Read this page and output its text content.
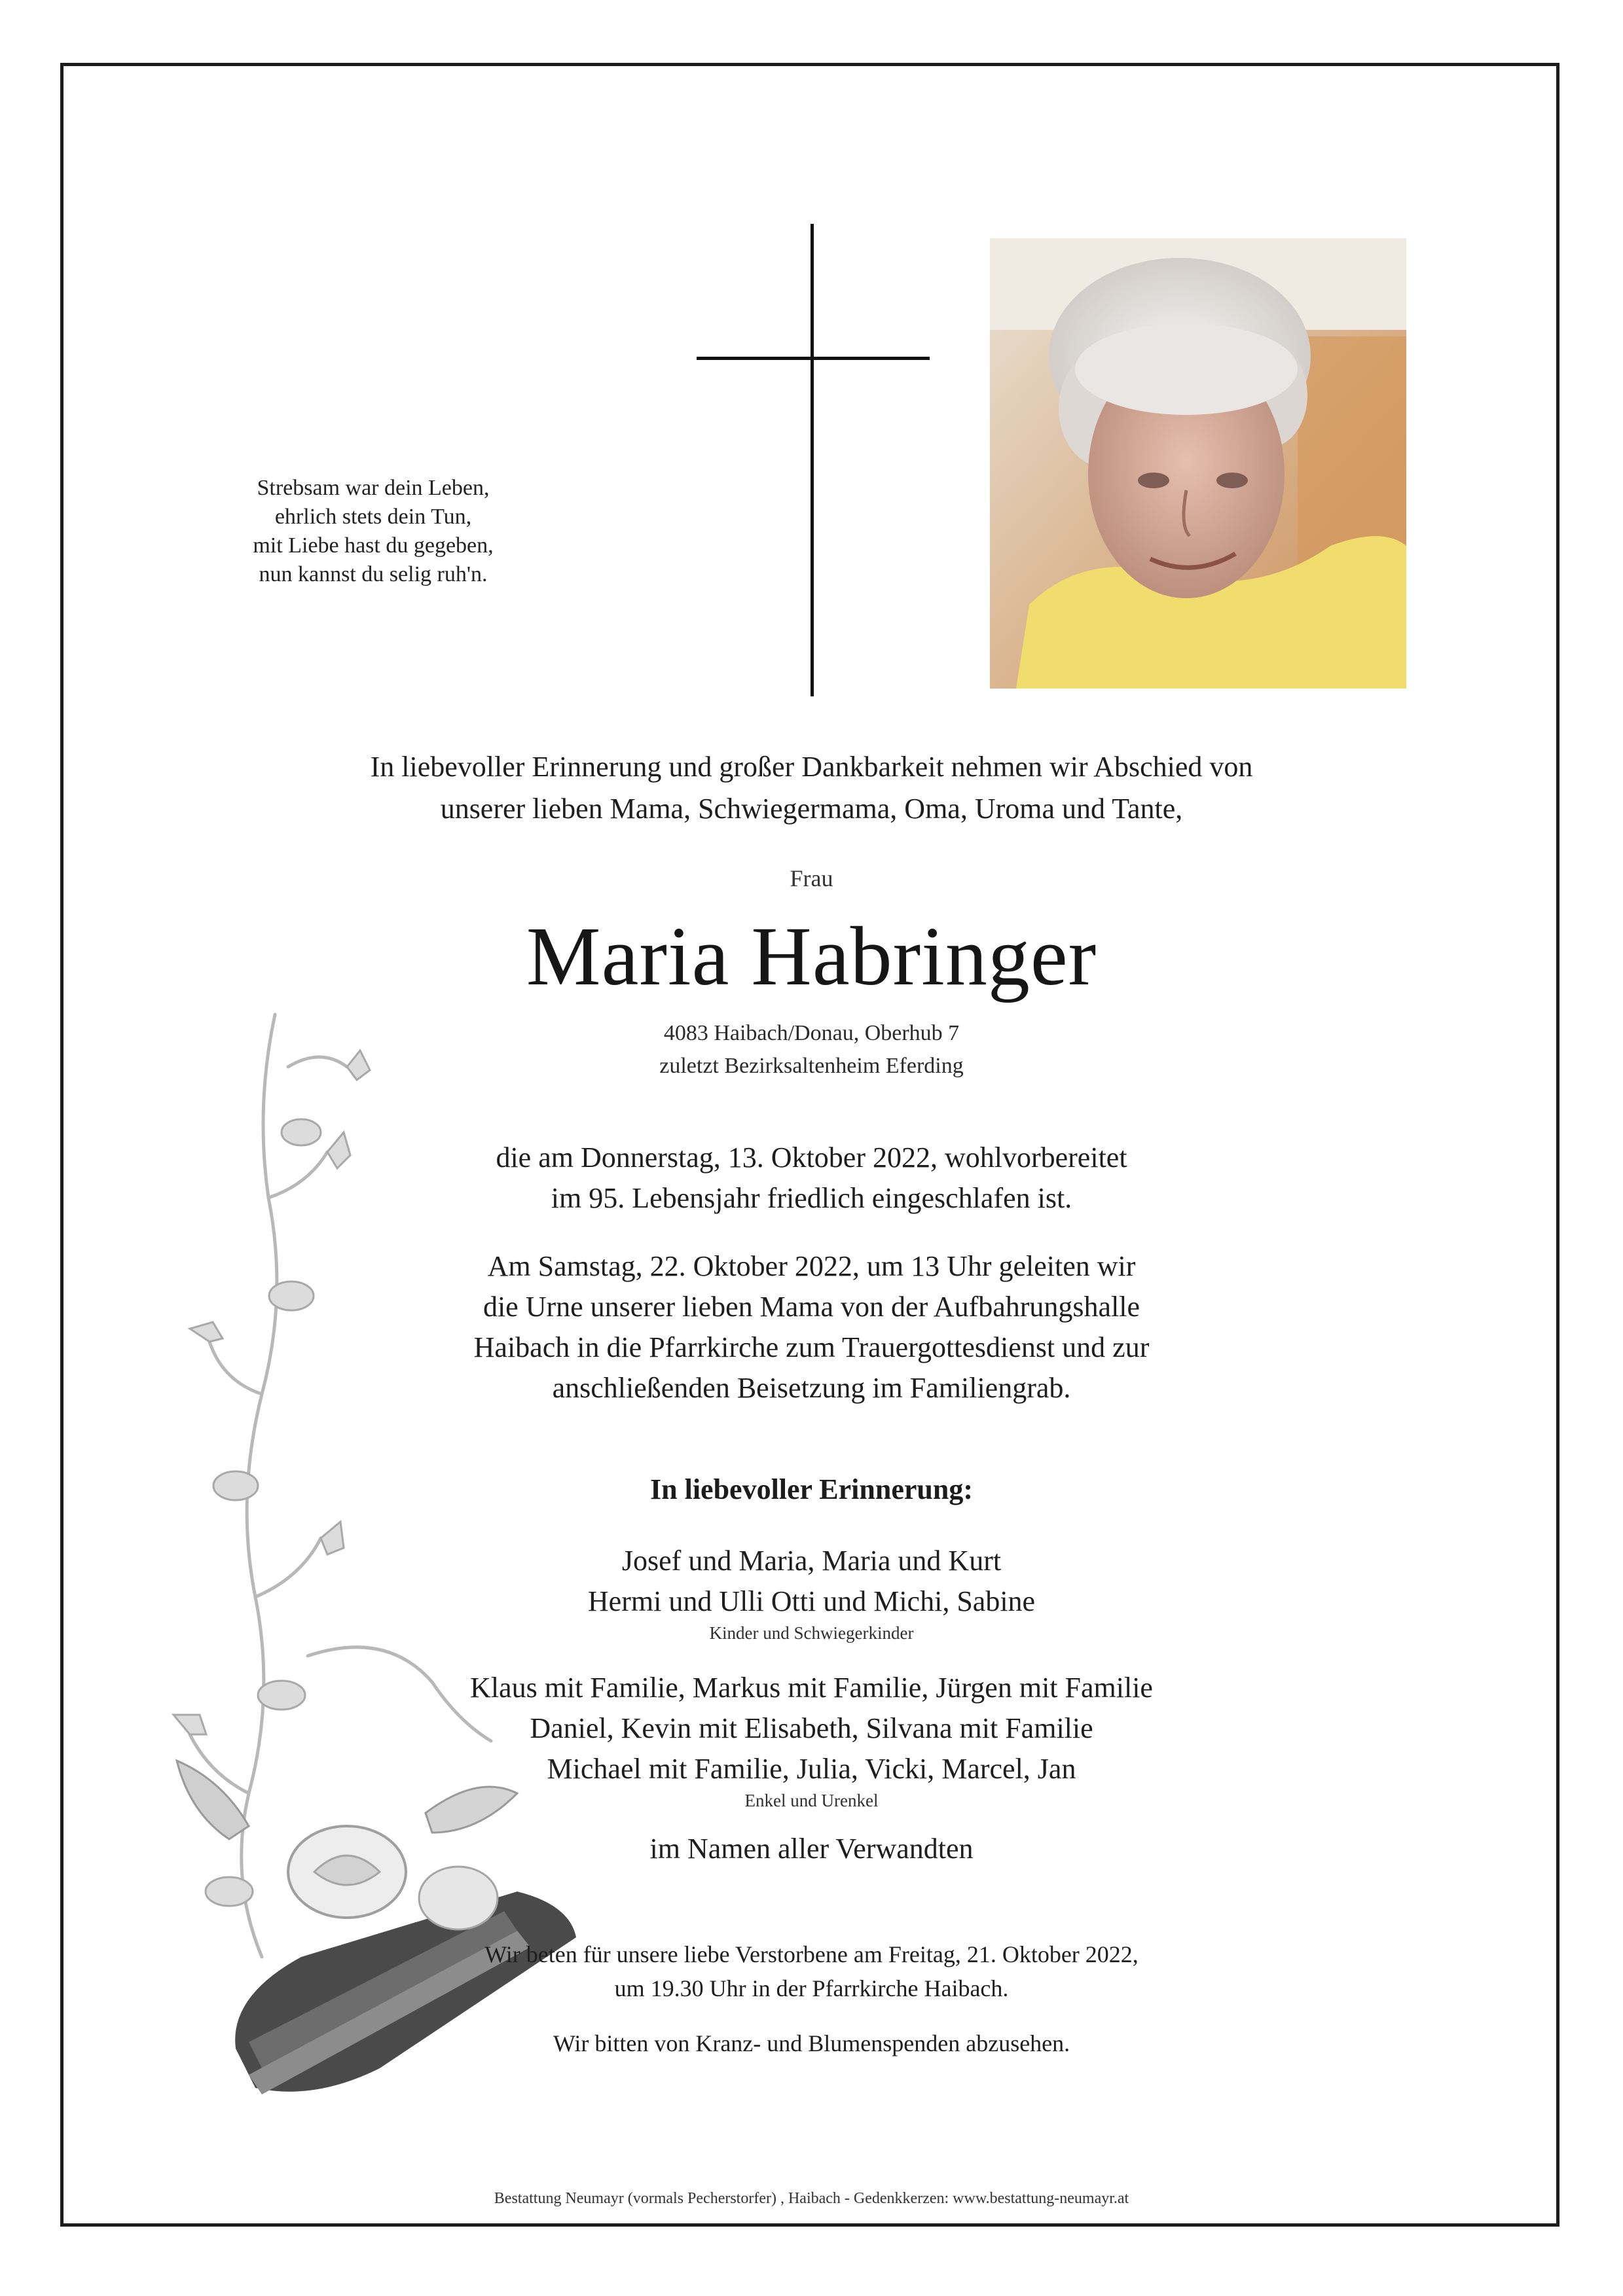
Strebsam war dein Leben,
ehrlich stets dein Tun,
mit Liebe hast du gegeben,
nun kannst du selig ruh'n.
In liebevoller Erinnerung und großer Dankbarkeit nehmen wir Abschied von
unserer lieben Mama, Schwiegermama, Oma, Uroma und Tante,
Frau
Maria Habringer
4083 Haibach/Donau, Oberhub 7
zuletzt Bezirksaltenheim Eferding
die am Donnerstag, 13. Oktober 2022, wohlvorbereitet
im 95. Lebensjahr friedlich eingeschlafen ist.
Am Samstag, 22. Oktober 2022, um 13 Uhr geleiten wir
die Urne unserer lieben Mama von der Aufbahrungshalle
Haibach in die Pfarrkirche zum Trauergottesdienst und zur
anschließenden Beisetzung im Familiengrab.
In liebevoller Erinnerung:
Josef und Maria, Maria und Kurt
Hermi und Ulli Otti und Michi, Sabine
Kinder und Schwiegerkinder
Klaus mit Familie, Markus mit Familie, Jürgen mit Familie
Daniel, Kevin mit Elisabeth, Silvana mit Familie
Michael mit Familie, Julia, Vicki, Marcel, Jan
Enkel und Urenkel
im Namen aller Verwandten
Wir beten für unsere liebe Verstorbene am Freitag, 21. Oktober 2022,
um 19.30 Uhr in der Pfarrkirche Haibach.
Wir bitten von Kranz- und Blumenspenden abzusehen.
Bestattung Neumayr (vormals Pecherstorfer) , Haibach - Gedenkkerzen: www.bestattung-neumayr.at
